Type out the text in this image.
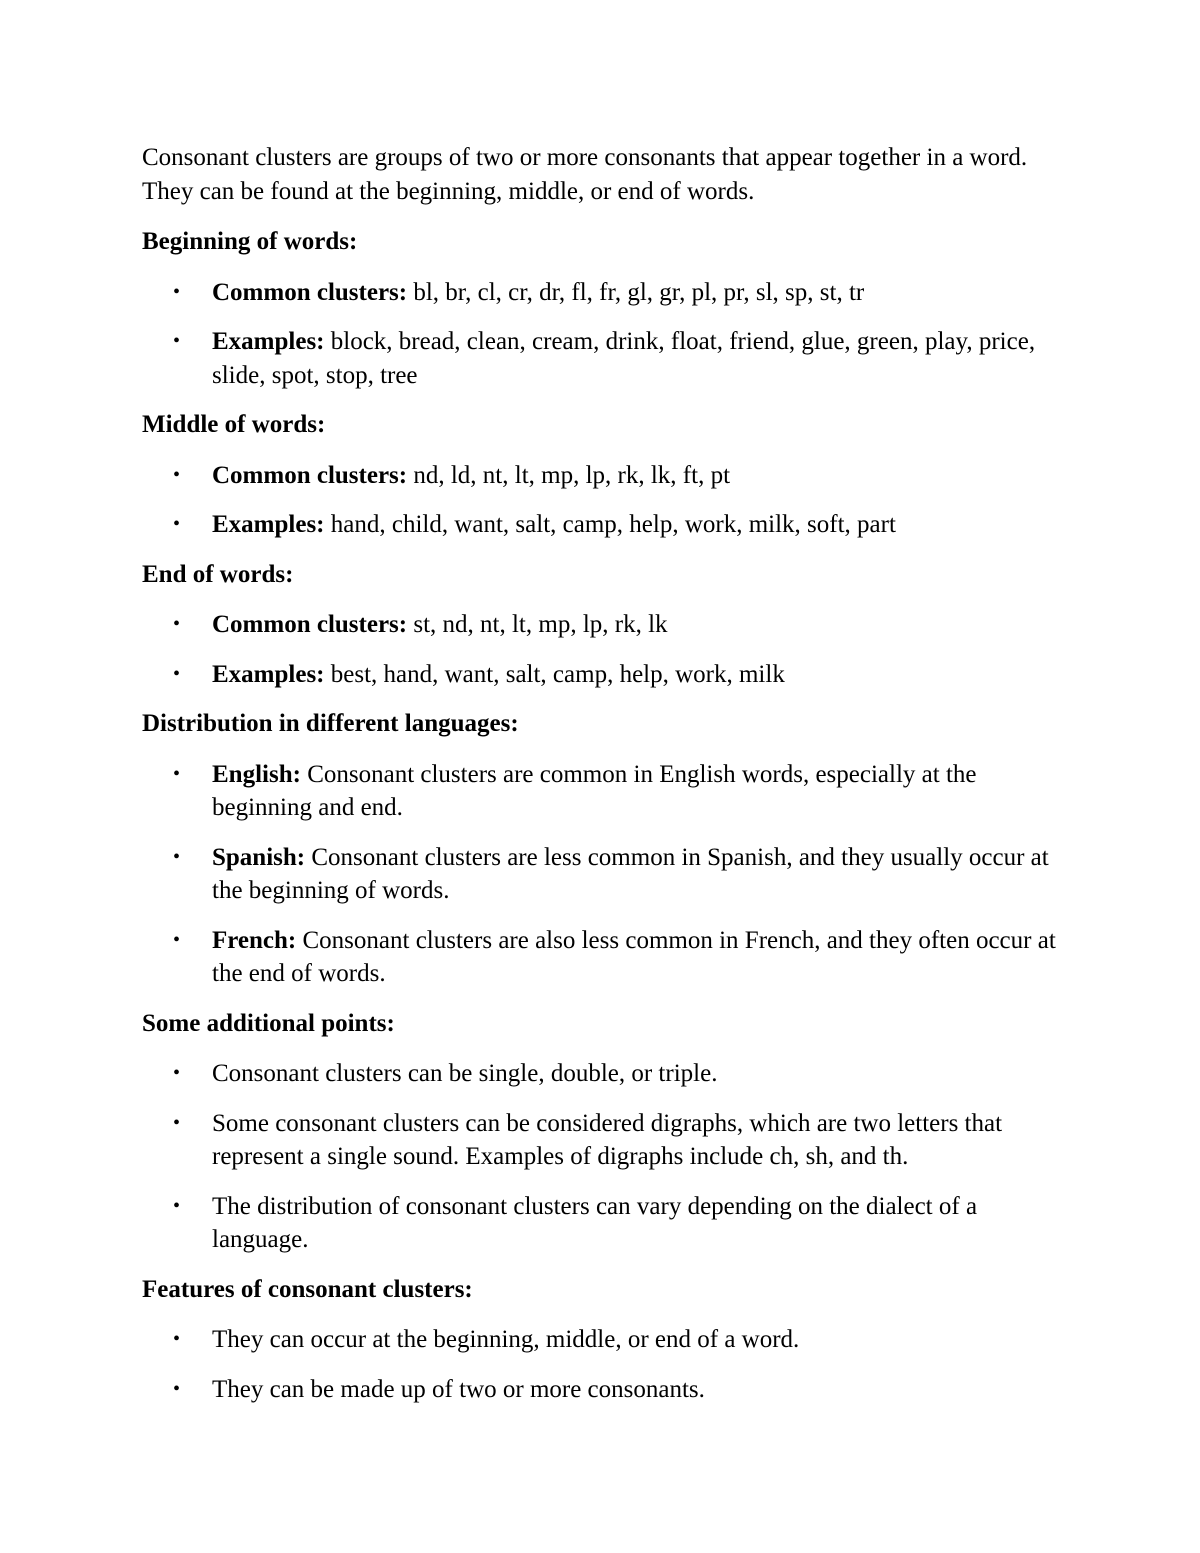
Consonant clusters are groups of two or more consonants that appear together in a word. They can be found at the beginning, middle, or end of words.

Beginning of words:

• Common clusters: bl, br, cl, cr, dr, fl, fr, gl, gr, pl, pr, sl, sp, st, tr
• Examples: block, bread, clean, cream, drink, float, friend, glue, green, play, price, slide, spot, stop, tree

Middle of words:

• Common clusters: nd, ld, nt, lt, mp, lp, rk, lk, ft, pt
• Examples: hand, child, want, salt, camp, help, work, milk, soft, part

End of words:

• Common clusters: st, nd, nt, lt, mp, lp, rk, lk
• Examples: best, hand, want, salt, camp, help, work, milk

Distribution in different languages:

• English: Consonant clusters are common in English words, especially at the beginning and end.
• Spanish: Consonant clusters are less common in Spanish, and they usually occur at the beginning of words.
• French: Consonant clusters are also less common in French, and they often occur at the end of words.

Some additional points:

• Consonant clusters can be single, double, or triple.
• Some consonant clusters can be considered digraphs, which are two letters that represent a single sound. Examples of digraphs include ch, sh, and th.
• The distribution of consonant clusters can vary depending on the dialect of a language.

Features of consonant clusters:

• They can occur at the beginning, middle, or end of a word.
• They can be made up of two or more consonants.
